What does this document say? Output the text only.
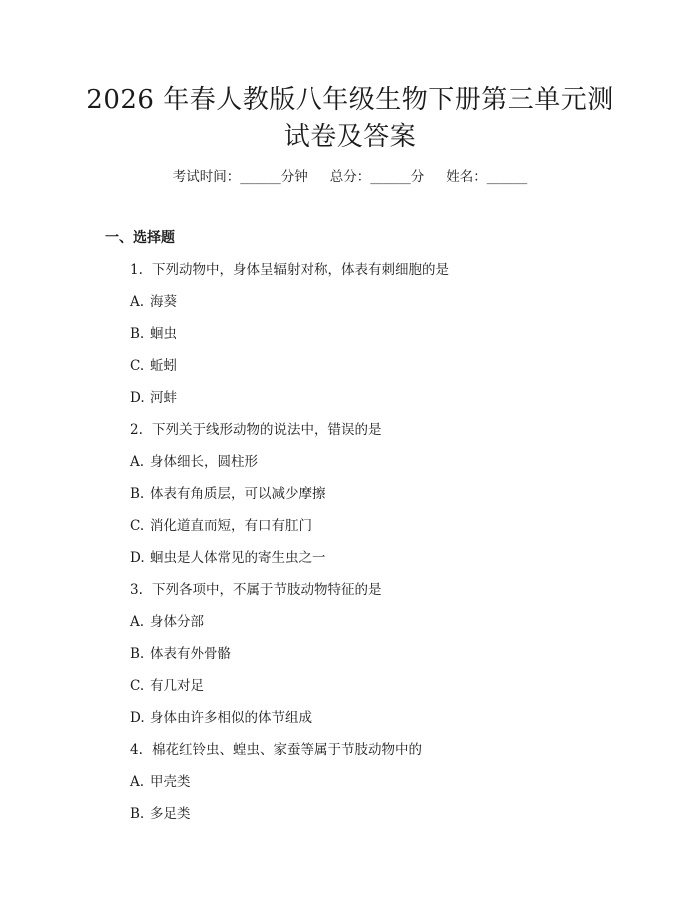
2026 年春人教版八年级生物下册第三单元测
试卷及答案
考试时间：______分钟 总分：______分 姓名：______
一、选择题
1. 下列动物中，身体呈辐射对称，体表有刺细胞的是
A. 海葵
B. 蛔虫
C. 蚯蚓
D. 河蚌
2. 下列关于线形动物的说法中，错误的是
A. 身体细长，圆柱形
B. 体表有角质层，可以减少摩擦
C. 消化道直而短，有口有肛门
D. 蛔虫是人体常见的寄生虫之一
3. 下列各项中，不属于节肢动物特征的是
A. 身体分部
B. 体表有外骨骼
C. 有几对足
D. 身体由许多相似的体节组成
4. 棉花红铃虫、蝗虫、家蚕等属于节肢动物中的
A. 甲壳类
B. 多足类
